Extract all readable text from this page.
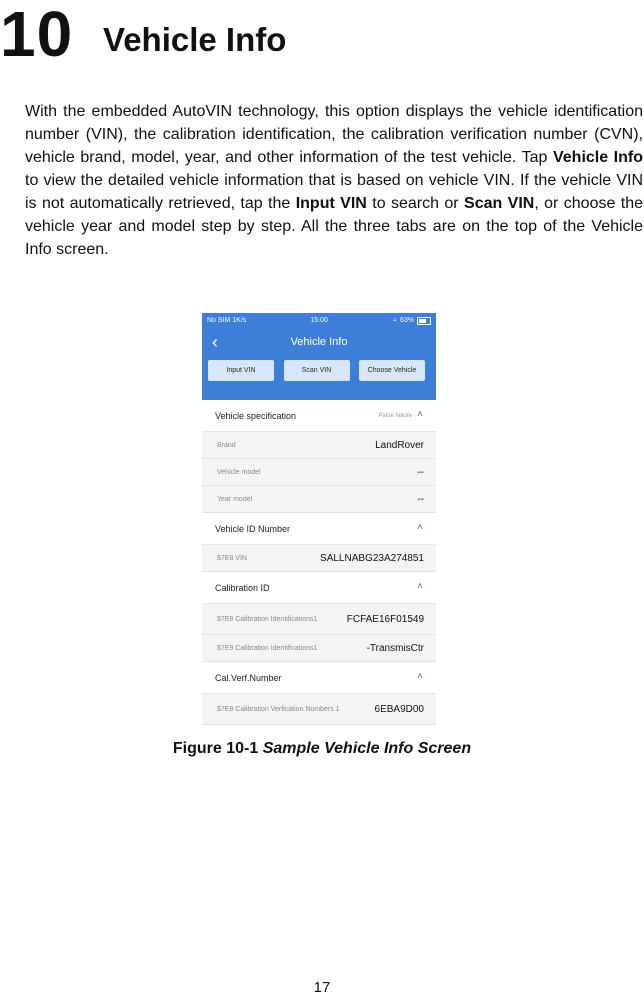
10 Vehicle Info
With the embedded AutoVIN technology, this option displays the vehicle identification number (VIN), the calibration identification, the calibration verification number (CVN), vehicle brand, model, year, and other information of the test vehicle. Tap Vehicle Info to view the detailed vehicle information that is based on vehicle VIN. If the vehicle VIN is not automatically retrieved, tap the Input VIN to search or Scan VIN, or choose the vehicle year and model step by step. All the three tabs are on the top of the Vehicle Info screen.
No SIM 1K/s	15:00	≈ 63%
‹	Vehicle Info
Input VIN	Scan VIN	Choose Vehicle
Vehicle specification	Parse failure ˄
Brand	LandRover
Vehicle model	--
Year model	--
Vehicle ID Number	˄
$7E8 VIN	SALLNABG23A274851
Calibration ID	˄
$7E8 Calibration Identifications1	FCFAE16F01549
$7E9 Calibration Identifications1	-TransmisCtr
Cal.Verf.Number	˄
$7E8 Calibration Verfication Numbers 1	6EBA9D00
Figure 10-1 Sample Vehicle Info Screen
17
